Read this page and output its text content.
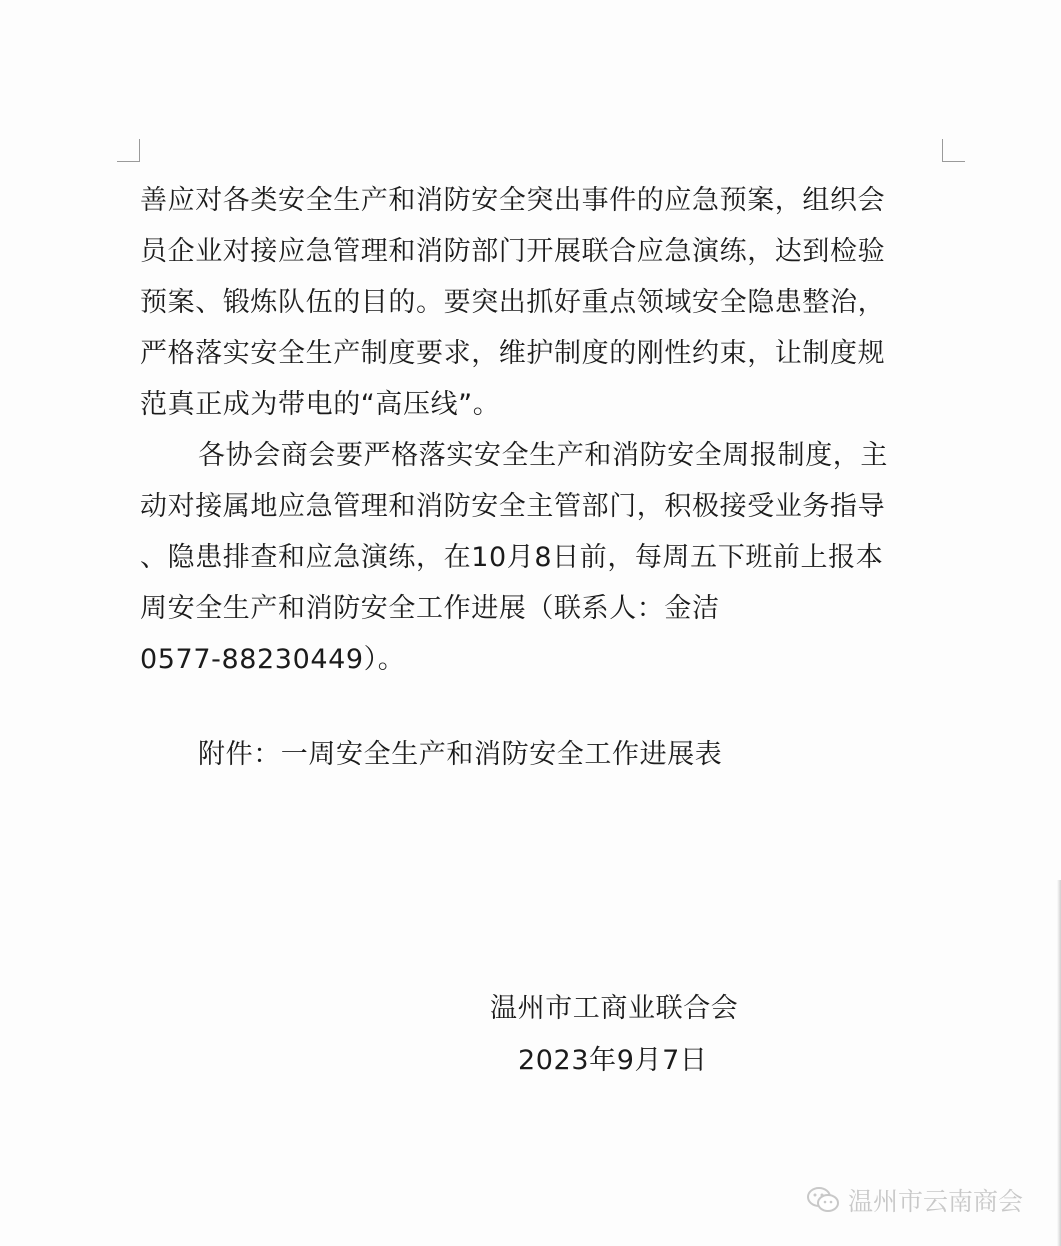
善应对各类安全生产和消防安全突出事件的应急预案，组织会
员企业对接应急管理和消防部门开展联合应急演练，达到检验
预案、锻炼队伍的目的。要突出抓好重点领域安全隐患整治，
严格落实安全生产制度要求，维护制度的刚性约束，让制度规
范真正成为带电的“高压线”。
各协会商会要严格落实安全生产和消防安全周报制度，主
动对接属地应急管理和消防安全主管部门，积极接受业务指导
、隐患排查和应急演练，在10月8日前，每周五下班前上报本
周安全生产和消防安全工作进展（联系人：金洁
0577-88230449）。
附件：一周安全生产和消防安全工作进展表
温州市工商业联合会
2023年9月7日
温州市云南商会
